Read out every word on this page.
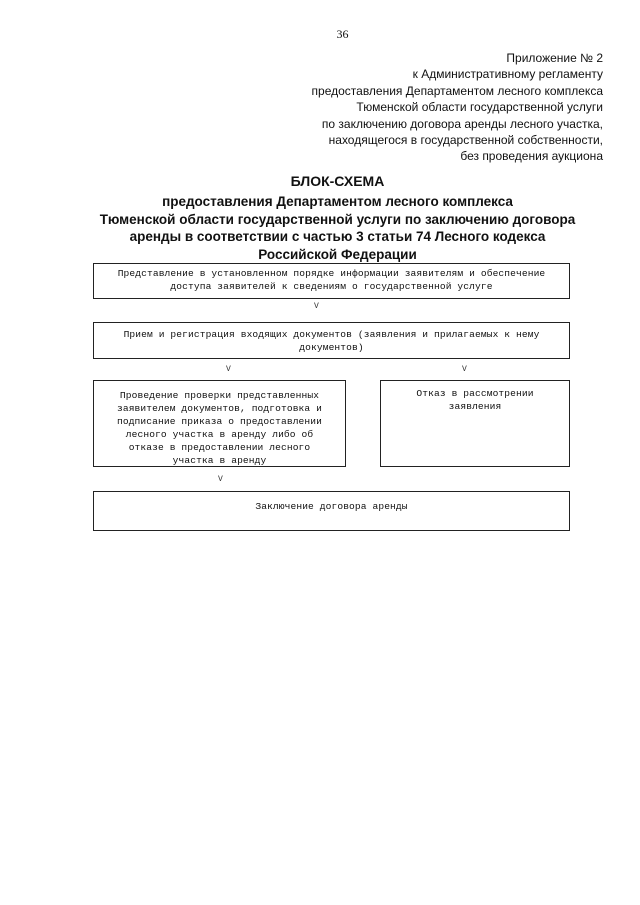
36
Приложение № 2
к Административному регламенту
предоставления Департаментом лесного комплекса
Тюменской области государственной услуги
по заключению договора аренды лесного участка,
находящегося в государственной собственности,
без проведения аукциона
БЛОК-СХЕМА
предоставления Департаментом лесного комплекса
Тюменской области государственной услуги по заключению договора
аренды в соответствии с частью 3 статьи 74 Лесного кодекса
Российской Федерации
Представление в установленном порядке информации заявителям и обеспечение
доступа заявителей к сведениям о государственной услуге
V
Прием и регистрация входящих документов (заявления и прилагаемых к нему
документов)
V	V
Проведение проверки представленных
заявителем документов, подготовка и
подписание приказа о предоставлении
лесного участка в аренду либо об
отказе в предоставлении лесного
участка в аренду
Отказ в рассмотрении
заявления
V
Заключение договора аренды
